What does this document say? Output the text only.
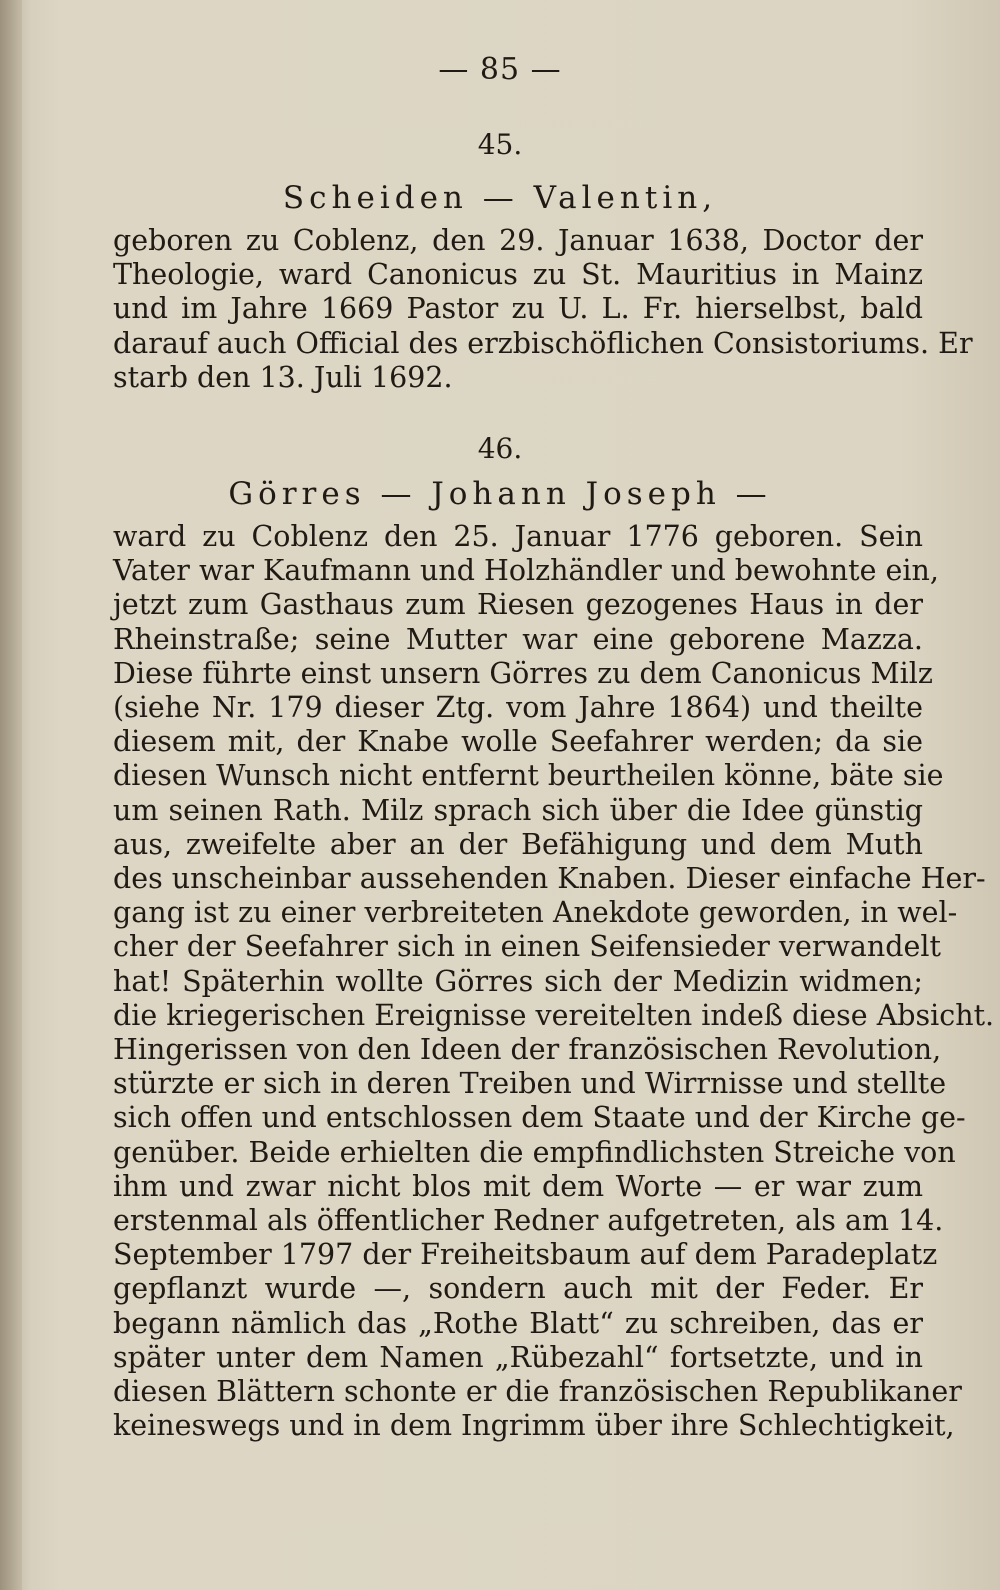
— 85 —
45.
Scheiden — Valentin,
geboren zu Coblenz, den 29. Januar 1638, Doctor der
Theologie, ward Canonicus zu St. Mauritius in Mainz
und im Jahre 1669 Pastor zu U. L. Fr. hierselbst, bald
darauf auch Official des erzbischöflichen Consistoriums. Er
starb den 13. Juli 1692.
46.
Görres — Johann Joseph —
ward zu Coblenz den 25. Januar 1776 geboren. Sein
Vater war Kaufmann und Holzhändler und bewohnte ein,
jetzt zum Gasthaus zum Riesen gezogenes Haus in der
Rheinstraße; seine Mutter war eine geborene Mazza.
Diese führte einst unsern Görres zu dem Canonicus Milz
(siehe Nr. 179 dieser Ztg. vom Jahre 1864) und theilte
diesem mit, der Knabe wolle Seefahrer werden; da sie
diesen Wunsch nicht entfernt beurtheilen könne, bäte sie
um seinen Rath. Milz sprach sich über die Idee günstig
aus, zweifelte aber an der Befähigung und dem Muth
des unscheinbar aussehenden Knaben. Dieser einfache Her-
gang ist zu einer verbreiteten Anekdote geworden, in wel-
cher der Seefahrer sich in einen Seifensieder verwandelt
hat! Späterhin wollte Görres sich der Medizin widmen;
die kriegerischen Ereignisse vereitelten indeß diese Absicht.
Hingerissen von den Ideen der französischen Revolution,
stürzte er sich in deren Treiben und Wirrnisse und stellte
sich offen und entschlossen dem Staate und der Kirche ge-
genüber. Beide erhielten die empfindlichsten Streiche von
ihm und zwar nicht blos mit dem Worte — er war zum
erstenmal als öffentlicher Redner aufgetreten, als am 14.
September 1797 der Freiheitsbaum auf dem Paradeplatz
gepflanzt wurde —, sondern auch mit der Feder. Er
begann nämlich das „Rothe Blatt“ zu schreiben, das er
später unter dem Namen „Rübezahl“ fortsetzte, und in
diesen Blättern schonte er die französischen Republikaner
keineswegs und in dem Ingrimm über ihre Schlechtigkeit,
